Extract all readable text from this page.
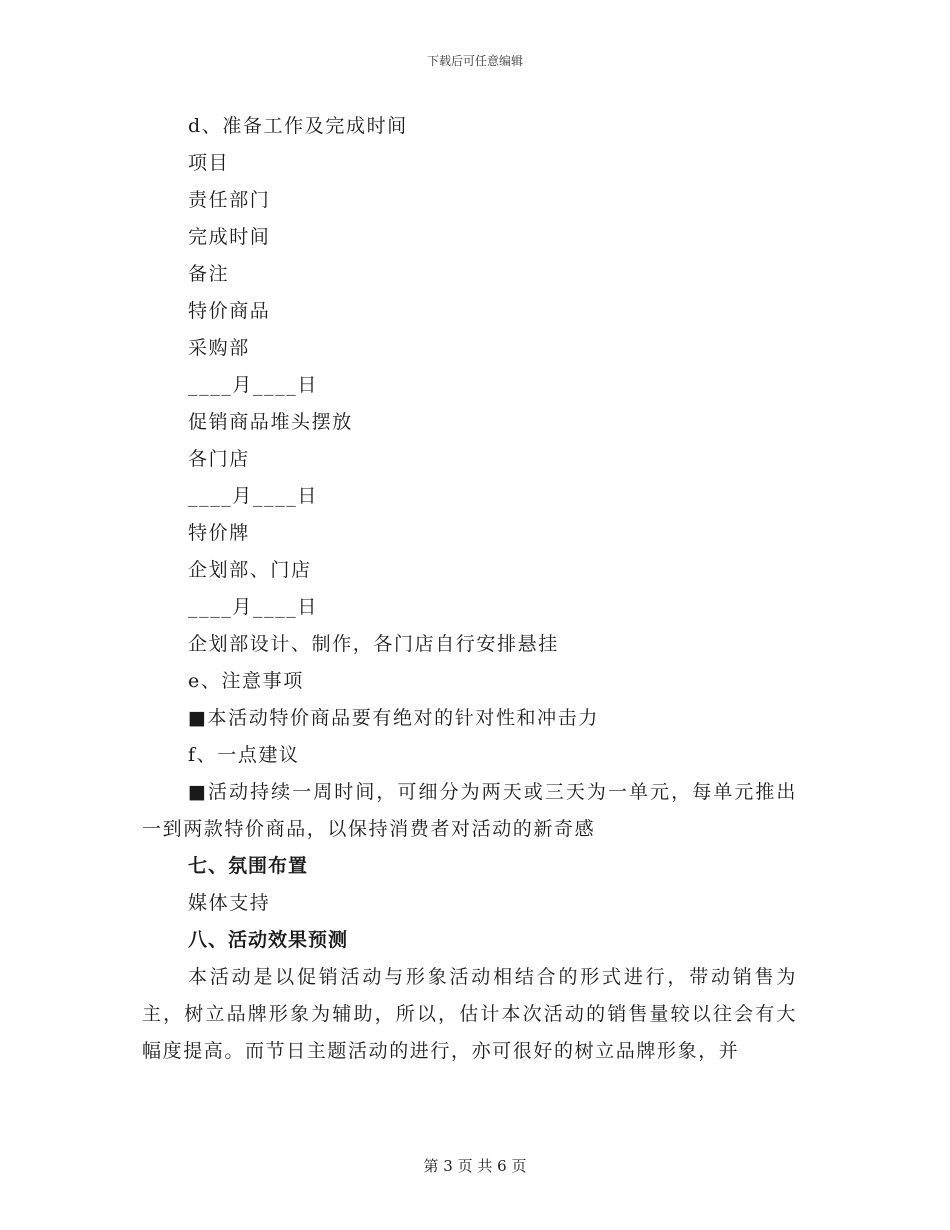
下载后可任意编辑

d、准备工作及完成时间

项目

责任部门

完成时间

备注

特价商品

采购部

____月____日

促销商品堆头摆放

各门店

____月____日

特价牌

企划部、门店

____月____日

企划部设计、制作，各门店自行安排悬挂

e、注意事项

■本活动特价商品要有绝对的针对性和冲击力

f、一点建议

■活动持续一周时间，可细分为两天或三天为一单元，每单元推出一到两款特价商品，以保持消费者对活动的新奇感

七、氛围布置

媒体支持

八、活动效果预测

本活动是以促销活动与形象活动相结合的形式进行，带动销售为主，树立品牌形象为辅助，所以，估计本次活动的销售量较以往会有大幅度提高。而节日主题活动的进行，亦可很好的树立品牌形象，并

第 3 页 共 6 页
